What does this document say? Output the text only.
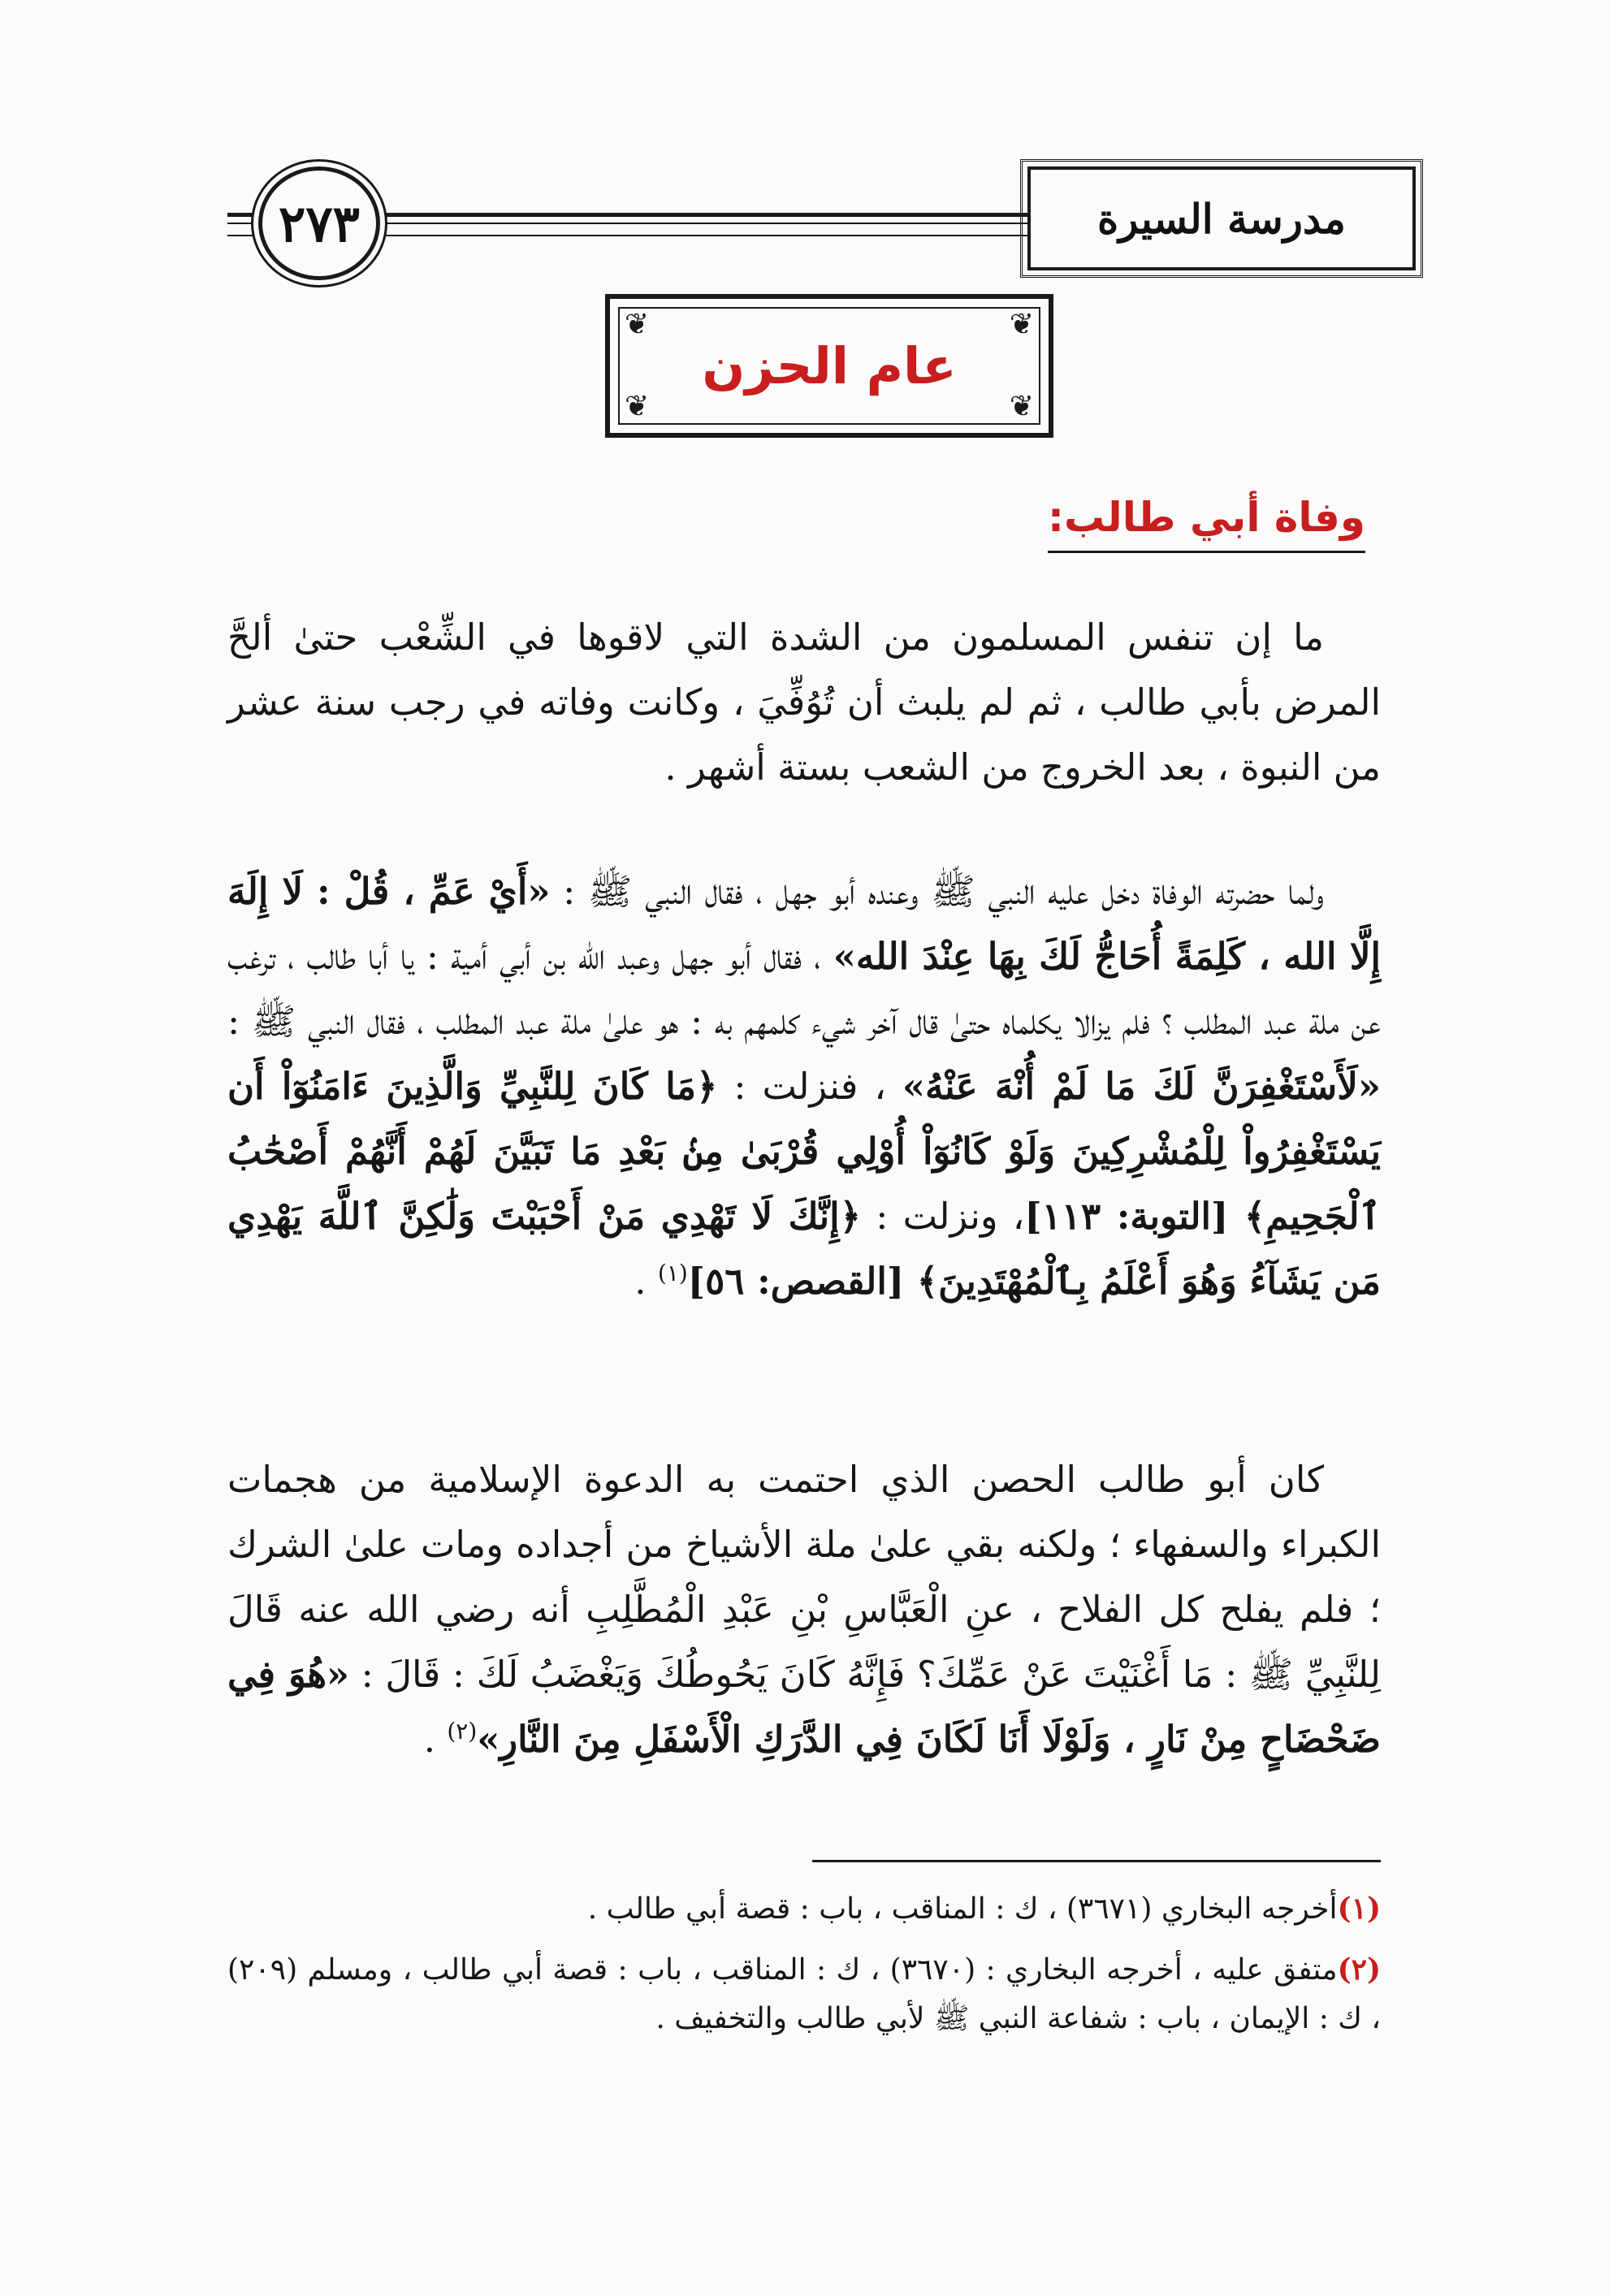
مدرسة السيرة
٢٧٣
❦	❦
❦	❦
عام الحزن
وفاة أبي طالب:

ما إن تنفس المسلمون من الشدة التي لاقوها في الشِّعْب حتىٰ ألحَّ المرض بأبي طالب ، ثم لم يلبث أن تُوُفِّيَ ، وكانت وفاته في رجب سنة عشر من النبوة ، بعد الخروج من الشعب بستة أشهر .

ولما حضرته الوفاة دخل عليه النبي ﷺ وعنده أبو جهل ، فقال النبي ﷺ : «أَيْ عَمِّ ، قُلْ : لَا إِلَهَ إِلَّا الله ، كَلِمَةً أُحَاجُّ لَكَ بِهَا عِنْدَ الله» ، فقال أبو جهل وعبد الله بن أبي أمية : يا أبا طالب ، ترغب عن ملة عبد المطلب ؟ فلم يزالا يكلماه حتىٰ قال آخر شيء كلمهم به : هو علىٰ ملة عبد المطلب ، فقال النبي ﷺ : «لَأَسْتَغْفِرَنَّ لَكَ مَا لَمْ أُنْهَ عَنْهُ» ، فنزلت : ﴿مَا كَانَ لِلنَّبِيِّ وَالَّذِينَ ءَامَنُوٓاْ أَن يَسْتَغْفِرُواْ لِلْمُشْرِكِينَ وَلَوْ كَانُوٓاْ أُوْلِي قُرْبَىٰ مِنۢ بَعْدِ مَا تَبَيَّنَ لَهُمْ أَنَّهُمْ أَصْحَٰبُ ٱلْجَحِيمِ﴾ [التوبة: ١١٣]، ونزلت : ﴿إِنَّكَ لَا تَهْدِي مَنْ أَحْبَبْتَ وَلَٰكِنَّ ٱللَّهَ يَهْدِي مَن يَشَآءُ وَهُوَ أَعْلَمُ بِٱلْمُهْتَدِينَ﴾ [القصص: ٥٦]$^{(١)}$ .

كان أبو طالب الحصن الذي احتمت به الدعوة الإسلامية من هجمات الكبراء والسفهاء ؛ ولكنه بقي علىٰ ملة الأشياخ من أجداده ومات علىٰ الشرك ؛ فلم يفلح كل الفلاح ، عنِ الْعَبَّاسِ بْنِ عَبْدِ الْمُطَّلِبِ أنه رضي الله عنه قَالَ لِلنَّبِيِّ ﷺ : مَا أَغْنَيْتَ عَنْ عَمِّكَ؟ فَإِنَّهُ كَانَ يَحُوطُكَ وَيَغْضَبُ لَكَ : قَالَ : «هُوَ فِي ضَحْضَاحٍ مِنْ نَارٍ ، وَلَوْلَا أَنَا لَكَانَ فِي الدَّرَكِ الْأَسْفَلِ مِنَ النَّارِ»$^{(٢)}$ .

(١)أخرجه البخاري (٣٦٧١) ، ك : المناقب ، باب : قصة أبي طالب .

(٢)متفق عليه ، أخرجه البخاري : (٣٦٧٠) ، ك : المناقب ، باب : قصة أبي طالب ، ومسلم (٢٠٩) ، ك : الإيمان ، باب : شفاعة النبي ﷺ لأبي طالب والتخفيف .
